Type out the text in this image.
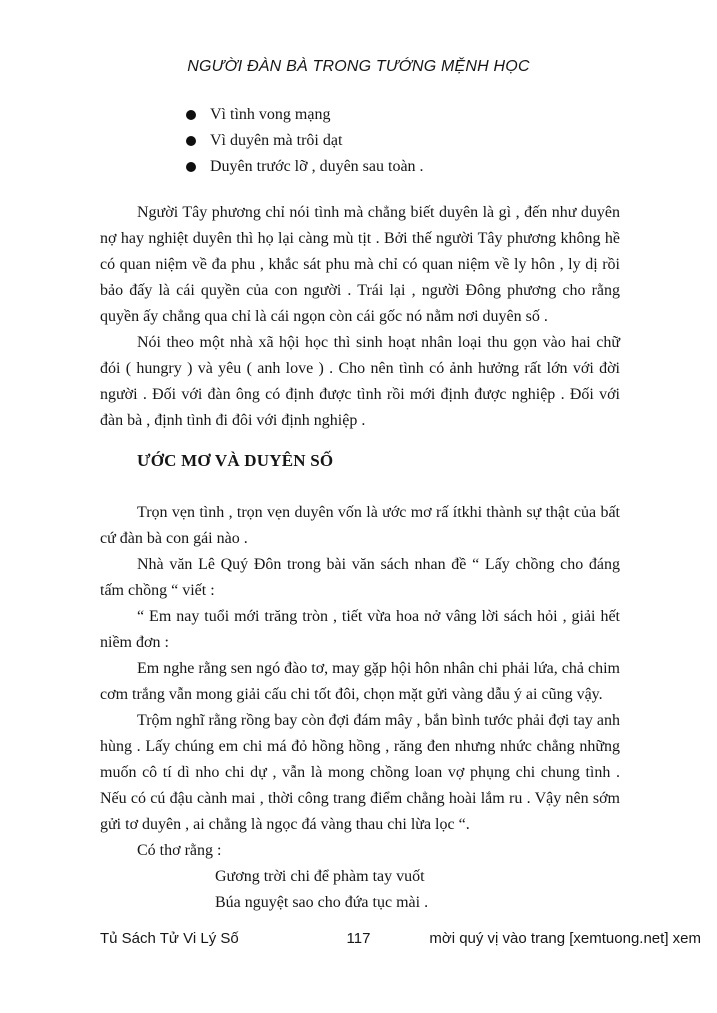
NGƯỜI ĐÀN BÀ TRONG TƯỚNG MỆNH HỌC
Vì tình vong mạng
Vì duyên mà trôi dạt
Duyên trước lỡ , duyên sau toàn .

Người Tây phương chỉ nói tình mà chẳng biết duyên là gì , đến như duyên nợ hay nghiệt duyên thì họ lại càng mù tịt . Bởi thế người Tây phương không hề có quan niệm về đa phu , khắc sát phu mà chỉ có quan niệm về ly hôn , ly dị rồi bảo đấy là cái quyền của con người . Trái lại , người Đông phương cho rằng quyền ấy chẳng qua chỉ là cái ngọn còn cái gốc nó nằm nơi duyên số .

Nói theo một nhà xã hội học thì sinh hoạt nhân loại thu gọn vào hai chữ đói ( hungry ) và yêu ( anh love ) . Cho nên tình có ảnh hưởng rất lớn với đời người . Đối với đàn ông có định được tình rồi mới định được nghiệp . Đối với đàn bà , định tình đi đôi với định nghiệp .

ƯỚC MƠ VÀ DUYÊN SỐ

Trọn vẹn tình , trọn vẹn duyên vốn là ước mơ rấ ítkhi thành sự thật của bất cứ đàn bà con gái nào .

Nhà văn Lê Quý Đôn trong bài văn sách nhan đề “ Lấy chồng cho đáng tấm chồng “ viết :

“ Em nay tuổi mới trăng tròn , tiết vừa hoa nở vâng lời sách hỏi , giải hết niềm đơn :

Em nghe rằng sen ngó đào tơ, may gặp hội hôn nhân chi phải lứa, chả chim cơm trắng vẫn mong giải cấu chi tốt đôi, chọn mặt gửi vàng dẫu ý ai cũng vậy.

Trộm nghĩ rằng rồng bay còn đợi đám mây , bắn bình tước phải đợi tay anh hùng . Lấy chúng em chi má đỏ hồng hồng , răng đen nhưng nhức chẳng những muốn cô tí dì nho chi dự , vẫn là mong chồng loan vợ phụng chi chung tình . Nếu có cú đậu cành mai , thời công trang điểm chẳng hoài lắm ru . Vậy nên sớm gửi tơ duyên , ai chẳng là ngọc đá vàng thau chi lừa lọc “.

Có thơ rằng :

Gương trời chi để phàm tay vuốt
Búa nguyệt sao cho đứa tục mài .
117
Tủ Sách Tử Vi Lý Số	mời quý vị vào trang [xemtuong.net] xem
